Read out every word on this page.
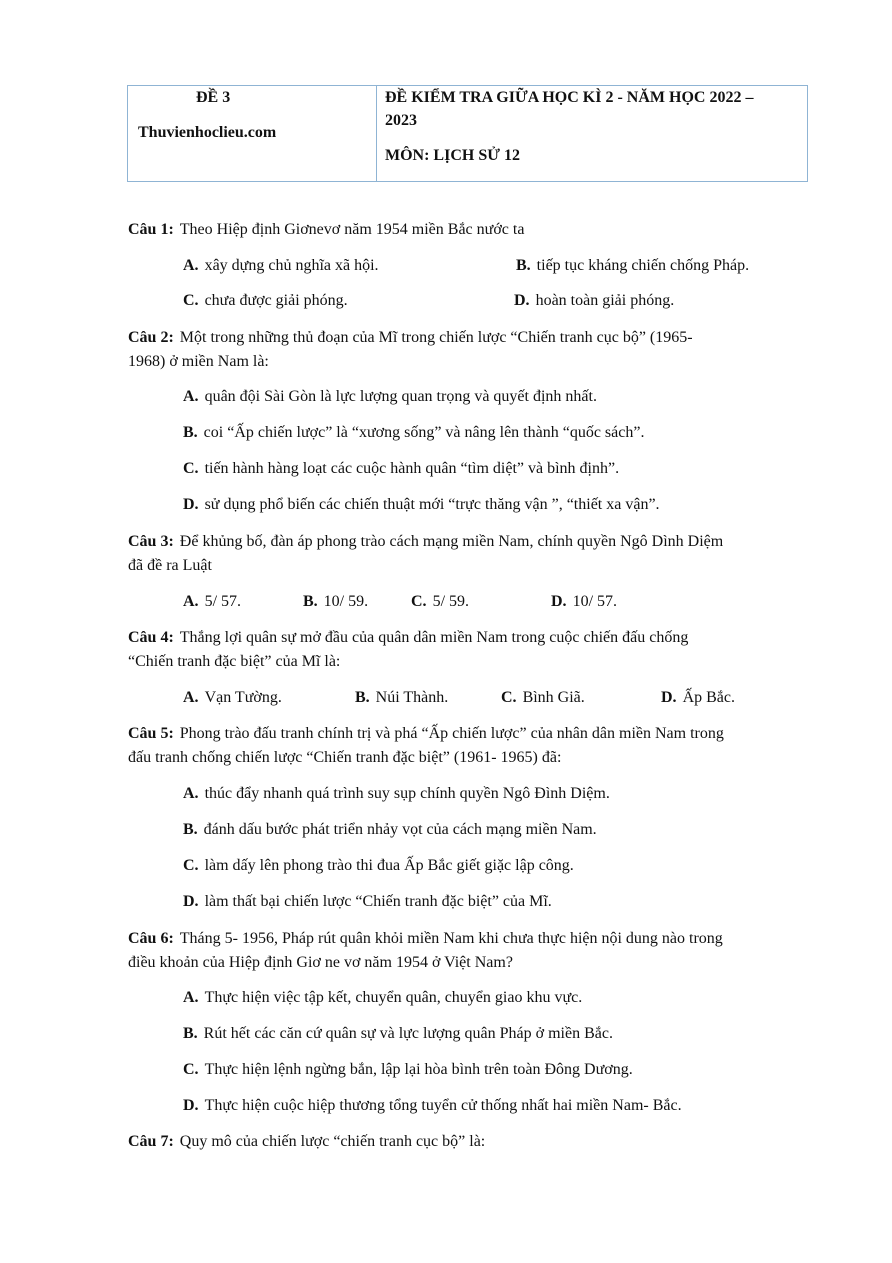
ĐỀ 3
Thuvienhoclieu.com
ĐỀ KIỂM TRA GIỮA HỌC KÌ 2 - NĂM HỌC 2022 –
2023
MÔN: LỊCH SỬ 12
Câu 1: Theo Hiệp định Giơnevơ năm 1954 miền Bắc nước ta
A. xây dựng chủ nghĩa xã hội.	B. tiếp tục kháng chiến chống Pháp.
C. chưa được giải phóng.	D. hoàn toàn giải phóng.
Câu 2: Một trong những thủ đoạn của Mĩ trong chiến lược “Chiến tranh cục bộ” (1965-
1968) ở miền Nam là:
A. quân đội Sài Gòn là lực lượng quan trọng và quyết định nhất.
B. coi “Ấp chiến lược” là “xương sống” và nâng lên thành “quốc sách”.
C. tiến hành hàng loạt các cuộc hành quân “tìm diệt” và bình định”.
D. sử dụng phổ biến các chiến thuật mới “trực thăng vận ”, “thiết xa vận”.
Câu 3: Để khủng bố, đàn áp phong trào cách mạng miền Nam, chính quyền Ngô Dình Diệm
đã đề ra Luật
A. 5/ 57.	B. 10/ 59.	C. 5/ 59.	D. 10/ 57.
Câu 4: Thắng lợi quân sự mở đầu của quân dân miền Nam trong cuộc chiến đấu chống
“Chiến tranh đặc biệt” của Mĩ là:
A. Vạn Tường.	B. Núi Thành.	C. Bình Giã.	D. Ấp Bắc.
Câu 5: Phong trào đấu tranh chính trị và phá “Ấp chiến lược” của nhân dân miền Nam trong
đấu tranh chống chiến lược “Chiến tranh đặc biệt” (1961- 1965) đã:
A. thúc đẩy nhanh quá trình suy sụp chính quyền Ngô Đình Diệm.
B. đánh dấu bước phát triển nhảy vọt của cách mạng miền Nam.
C. làm dấy lên phong trào thi đua Ấp Bắc giết giặc lập công.
D. làm thất bại chiến lược “Chiến tranh đặc biệt” của Mĩ.
Câu 6: Tháng 5- 1956, Pháp rút quân khỏi miền Nam khi chưa thực hiện nội dung nào trong
điều khoản của Hiệp định Giơ ne vơ năm 1954 ở Việt Nam?
A. Thực hiện việc tập kết, chuyển quân, chuyển giao khu vực.
B. Rút hết các căn cứ quân sự và lực lượng quân Pháp ở miền Bắc.
C. Thực hiện lệnh ngừng bắn, lập lại hòa bình trên toàn Đông Dương.
D. Thực hiện cuộc hiệp thương tổng tuyển cử thống nhất hai miền Nam- Bắc.
Câu 7: Quy mô của chiến lược “chiến tranh cục bộ” là:
